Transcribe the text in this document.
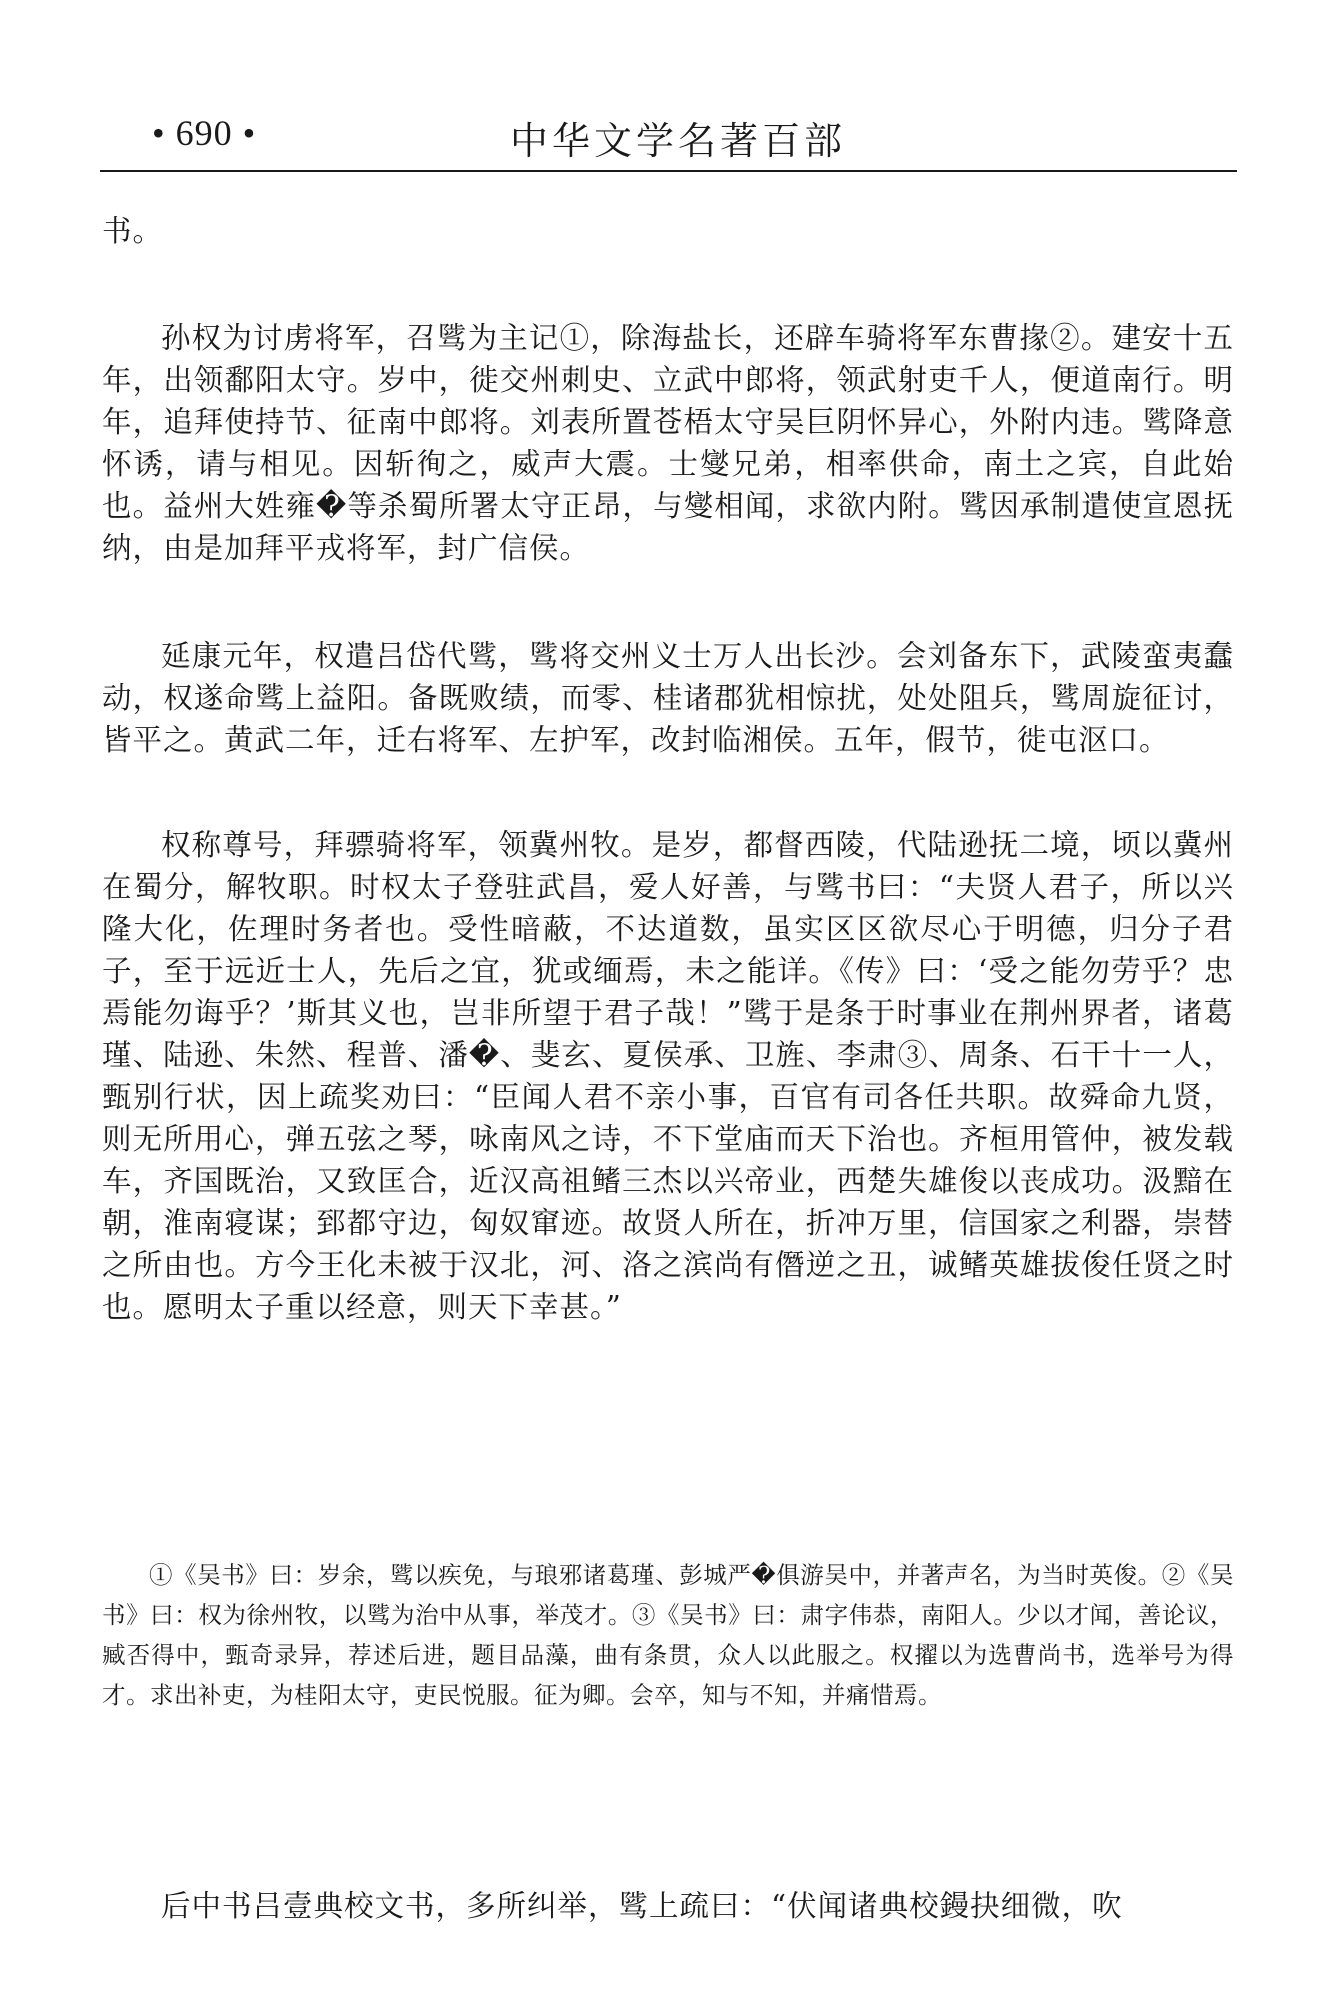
• 690 •	中华文学名著百部

书。

孙权为讨虏将军，召骘为主记①，除海盐长，还辟车骑将军东曹掾②。建安十五年，出领鄱阳太守。岁中，徙交州刺史、立武中郎将，领武射吏千人，便道南行。明年，追拜使持节、征南中郎将。刘表所置苍梧太守吴巨阴怀异心，外附内违。骘降意怀诱，请与相见。因斩徇之，威声大震。士燮兄弟，相率供命，南土之宾，自此始也。益州大姓雍�等杀蜀所署太守正昂，与燮相闻，求欲内附。骘因承制遣使宣恩抚纳，由是加拜平戎将军，封广信侯。

延康元年，权遣吕岱代骘，骘将交州义士万人出长沙。会刘备东下，武陵蛮夷蠢动，权遂命骘上益阳。备既败绩，而零、桂诸郡犹相惊扰，处处阻兵，骘周旋征讨，皆平之。黄武二年，迁右将军、左护军，改封临湘侯。五年，假节，徙屯沤口。

权称尊号，拜骠骑将军，领冀州牧。是岁，都督西陵，代陆逊抚二境，顷以冀州在蜀分，解牧职。时权太子登驻武昌，爱人好善，与骘书曰：“夫贤人君子，所以兴隆大化，佐理时务者也。受性暗蔽，不达道数，虽实区区欲尽心于明德，归分子君子，至于远近士人，先后之宜，犹或缅焉，未之能详。《传》曰：‘受之能勿劳乎？忠焉能勿诲乎？’斯其义也，岂非所望于君子哉！”骘于是条于时事业在荆州界者，诸葛瑾、陆逊、朱然、程普、潘�、斐玄、夏侯承、卫旌、李肃③、周条、石干十一人，甄别行状，因上疏奖劝曰：“臣闻人君不亲小事，百官有司各任共职。故舜命九贤，则无所用心，弹五弦之琴，咏南风之诗，不下堂庙而天下治也。齐桓用管仲，被发载车，齐国既治，又致匡合，近汉高祖鳍三杰以兴帝业，西楚失雄俊以丧成功。汲黯在朝，淮南寝谋；郅都守边，匈奴窜迹。故贤人所在，折冲万里，信国家之利器，崇替之所由也。方今王化未被于汉北，河、洛之滨尚有僭逆之丑，诚鳍英雄拔俊任贤之时也。愿明太子重以经意，则天下幸甚。”

①《吴书》曰：岁余，骘以疾免，与琅邪诸葛瑾、彭城严�俱游吴中，并著声名，为当时英俊。②《吴书》曰：权为徐州牧，以骘为治中从事，举茂才。③《吴书》曰：肃字伟恭，南阳人。少以才闻，善论议，臧否得中，甄奇录异，荐述后进，题目品藻，曲有条贯，众人以此服之。权擢以为选曹尚书，选举号为得才。求出补吏，为桂阳太守，吏民悦服。征为卿。会卒，知与不知，并痛惜焉。

后中书吕壹典校文书，多所纠举，骘上疏曰：“伏闻诸典校鏝抉细微，吹
